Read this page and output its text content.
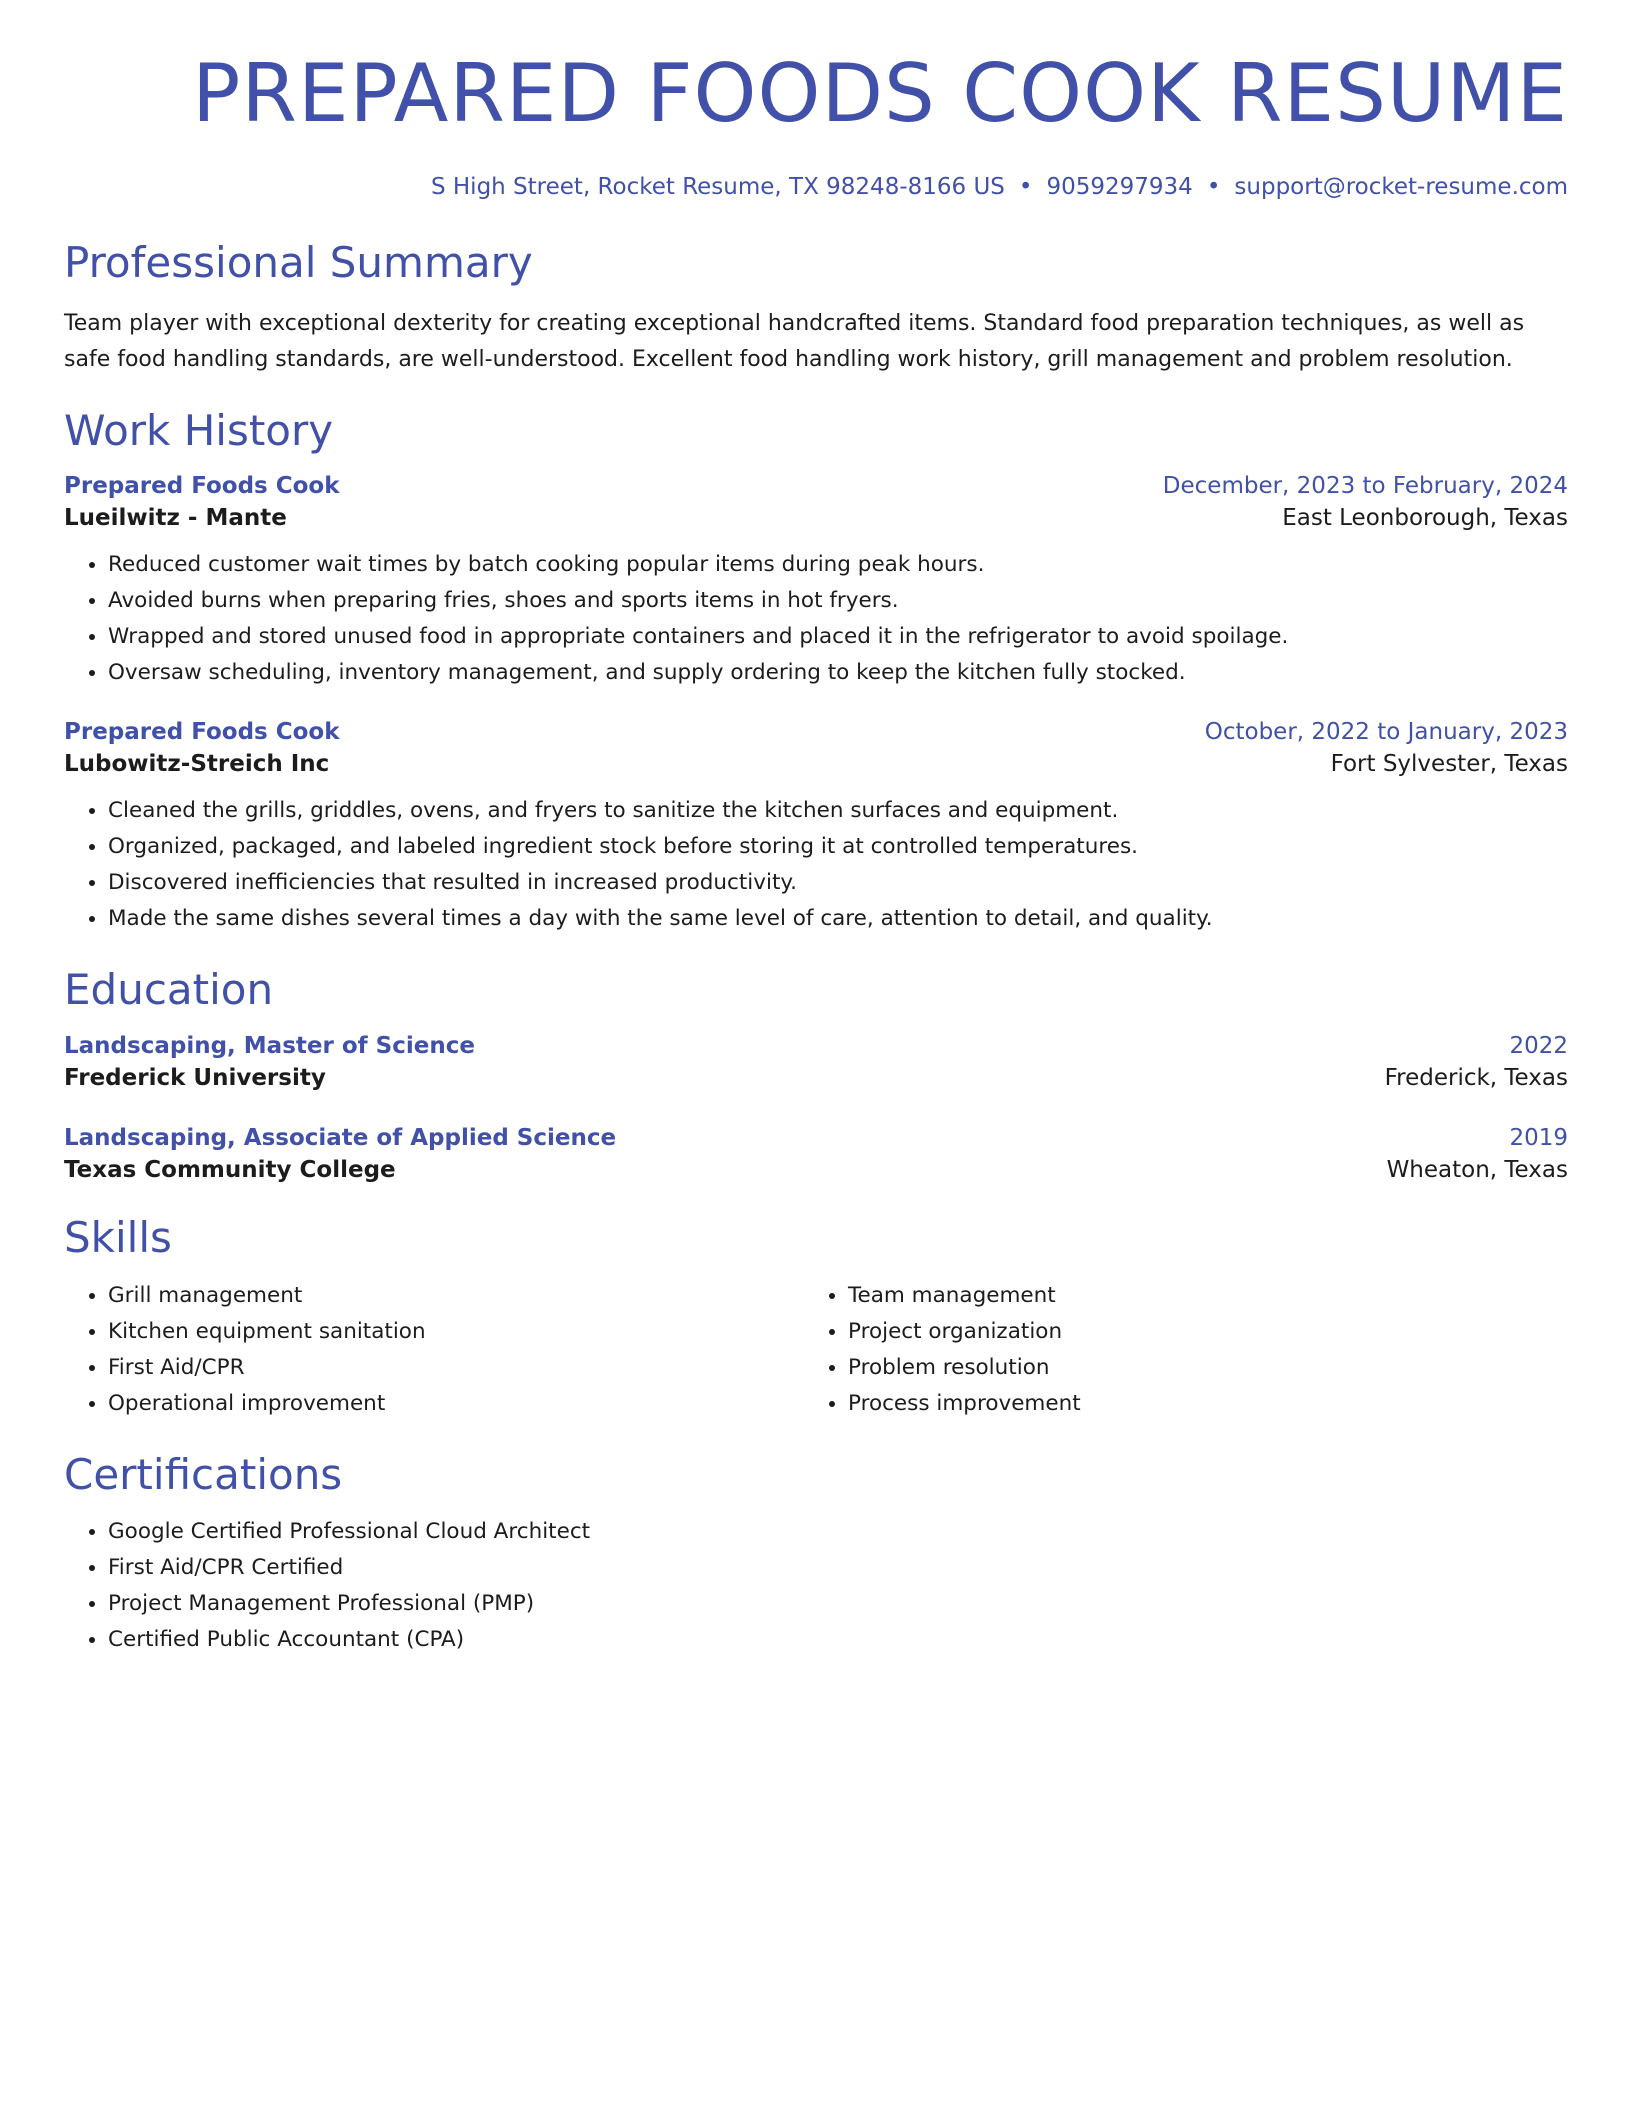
PREPARED FOODS COOK RESUME
S High Street, Rocket Resume, TX 98248-8166 US • 9059297934 • support@rocket-resume.com
Professional Summary
Team player with exceptional dexterity for creating exceptional handcrafted items. Standard food preparation techniques, as well as safe food handling standards, are well-understood. Excellent food handling work history, grill management and problem resolution.
Work History
Prepared Foods Cook	December, 2023 to February, 2024
Lueilwitz - Mante	East Leonborough, Texas
• Reduced customer wait times by batch cooking popular items during peak hours.
• Avoided burns when preparing fries, shoes and sports items in hot fryers.
• Wrapped and stored unused food in appropriate containers and placed it in the refrigerator to avoid spoilage.
• Oversaw scheduling, inventory management, and supply ordering to keep the kitchen fully stocked.
Prepared Foods Cook	October, 2022 to January, 2023
Lubowitz-Streich Inc	Fort Sylvester, Texas
• Cleaned the grills, griddles, ovens, and fryers to sanitize the kitchen surfaces and equipment.
• Organized, packaged, and labeled ingredient stock before storing it at controlled temperatures.
• Discovered inefficiencies that resulted in increased productivity.
• Made the same dishes several times a day with the same level of care, attention to detail, and quality.
Education
Landscaping, Master of Science	2022
Frederick University	Frederick, Texas
Landscaping, Associate of Applied Science	2019
Texas Community College	Wheaton, Texas
Skills
• Grill management
• Kitchen equipment sanitation
• First Aid/CPR
• Operational improvement
• Team management
• Project organization
• Problem resolution
• Process improvement
Certifications
• Google Certified Professional Cloud Architect
• First Aid/CPR Certified
• Project Management Professional (PMP)
• Certified Public Accountant (CPA)
